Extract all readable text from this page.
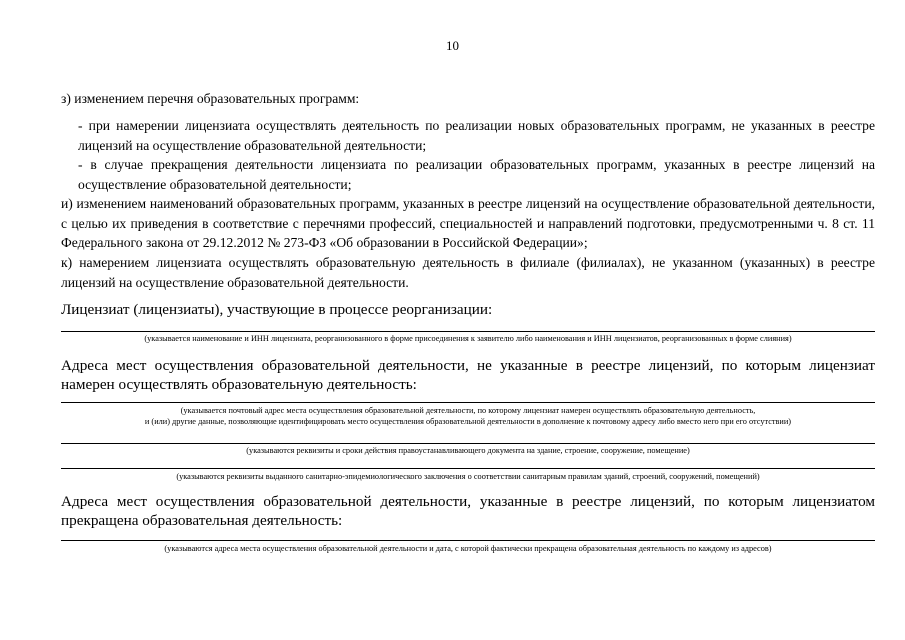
10
з) изменением перечня образовательных программ:
- при намерении лицензиата осуществлять деятельность по реализации новых образовательных программ, не указанных в реестре лицензий на осуществление образовательной деятельности;
- в случае прекращения деятельности лицензиата по реализации образовательных программ, указанных в реестре лицензий на осуществление образовательной деятельности;
и) изменением наименований образовательных программ, указанных в реестре лицензий на осуществление образовательной деятельности, с целью их приведения в соответствие с перечнями профессий, специальностей и направлений подготовки, предусмотренными ч. 8 ст. 11 Федерального закона от 29.12.2012 № 273-ФЗ «Об образовании в Российской Федерации»;
к) намерением лицензиата осуществлять образовательную деятельность в филиале (филиалах), не указанном (указанных) в реестре лицензий на осуществление образовательной деятельности.
Лицензиат (лицензиаты), участвующие в процессе реорганизации:
(указывается наименование и ИНН лицензиата, реорганизованного в форме присоединения к заявителю либо наименования и ИНН лицензиатов, реорганизованных в форме слияния)
Адреса мест осуществления образовательной деятельности, не указанные в реестре лицензий, по которым лицензиат намерен осуществлять образовательную деятельность:
(указывается почтовый адрес места осуществления образовательной деятельности, по которому лицензиат намерен осуществлять образовательную деятельность,
и (или) другие данные, позволяющие идентифицировать место осуществления образовательной деятельности в дополнение к почтовому адресу либо вместо него при его отсутствии)
(указываются реквизиты и сроки действия правоустанавливающего документа на здание, строение, сооружение, помещение)
(указываются реквизиты выданного санитарно-эпидемиологического заключения о соответствии санитарным правилам зданий, строений, сооружений, помещений)
Адреса мест осуществления образовательной деятельности, указанные в реестре лицензий, по которым лицензиатом прекращена образовательная деятельность:
(указываются адреса места осуществления образовательной деятельности и дата, с которой фактически прекращена образовательная деятельность по каждому из адресов)
